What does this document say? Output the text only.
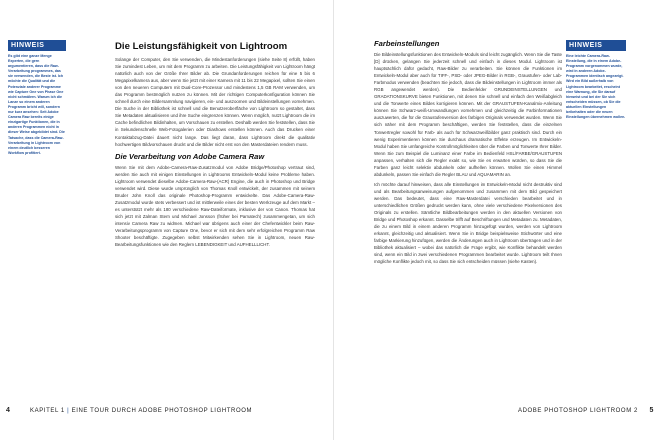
HINWEIS
Es gibt eine ganze Menge Experten, die gern argumentieren, dass die Raw-Verarbeitung programmes, das sie verwenden, die Beste ist. Ich möchte die Qualität und die Potenziale anderer Programme wie Capture One von Phase One nicht schmälern. Warum ich die Lanze so einem anderen Programm bricht will, sondern nur kurz ansehen: Seit Adobe Camera Raw bereits einige einzigartige Funktionen, die in anderen Programmen nicht in dieser Weise abgebildet sind. Die Tatsache, dass die Camera-Raw-Verarbeitung in Lightroom von einem deutlich besseren Workflow profitiert.
Die Leistungsfähigkeit von Lightroom

Solange der Computer, den Sie verwenden, die Mindestanforderungen (siehe Seite 8) erfüllt, haben Sie zumindest Leben, um mit dem Programm zu arbeiten. Die Leistungsfähigkeit von Lightroom hängt natürlich auch von der Größe Ihrer Bilder ab. Die Grundanforderungen reichen für eine 5 bis 6 Megapixelkamera aus, aber wenn Sie jetzt mit einer Kamera mit 11 bis 22 Megapixel, sollten Sie einen von den neueren Computern mit Dual-Core-Prozessor und mindestens 1,5 GB RAM verwenden, um das Programm bestmöglich nutzen zu können. Mit der richtigen Computerkonfiguration können Sie schnell durch eine Bildersammlung navigieren, ein- und auszoomen und Bildeinstellungen vornehmen. Die Suche in der Bibliothek ist schnell und die Benutzeroberfläche von Lightroom so gestaltet, dass Sie Metadaten aktualisieren und ihre Suche eingrenzen können. Wenn möglich, nutzt Lightroom die im Cache befindlichen Bildinhalten, um Vorschauen zu erstellen. Deshalb werden Sie feststellen, dass Sie in Sekundenschnelle Web-Fotogalerien oder Diashows erstellen können. Auch das Drucken einer Kontaktabzug-Datei dauert nicht lange. Das liegt daran, dass Lightroom direkt die qualitativ hochwertigen Bildvorschauen druckt und die Bilder nicht erst von den Masterdateien rendern muss.

Die Verarbeitung von Adobe Camera Raw

Wenn Sie mit dem Adobe-Camera-Raw-Zusatzmodul von Adobe Bridge/Photoshop vertraut sind, werden Sie auch mit einigen Einstellungen in Lightrooms Entwickeln-Modul keine Probleme haben. Lightroom verwendet dieselbe Adobe-Camera-Raw-(ACR) Engine, die auch in Photoshop und Bridge verwendet wird. Diese wurde ursprünglich von Thomas Knoll entwickelt, der zusammen mit seinem Bruder John Knoll das originale Photoshop-Programm entwickelte. Das Adobe-Camera-Raw-Zusatzmodul wurde stets verbessert und ist mittlerweile eines der besten Werkzeuge auf dem Markt – es unterstützt mehr als 180 verschiedene Raw-Dateiformate, inklusive der von Canon. Thomas hat sich jetzt mit Zalman Stern und Michael Jonsson (früher bei Parnatech) zusammengetan, um sich intensiv Camera Raw zu widmen. Michael war übrigens auch einer der Chefentwickler beim Raw-Verarbeitungsprogramm von Capture One, bevor er sich mit dem sehr erfolgreichen Programm Raw Shooter beschäftigte. Zugegeben selbst Mitwirkenden sehen Sie in Lightroom, neuen Raw-Bearbeitungsfunktionen wie den Reglern LEBENDIGKEIT und AUFHELLLICHT.

Farbeinstellungen

Die Bildeinstellungsfunktionen des Entwickeln-Moduls sind leicht zugänglich. Wenn Sie die Taste [D] drücken, gelangen Sie jederzeit schnell und einfach in dieses Modul. Lightroom ist hauptsächlich dafür gedacht, Raw-Bilder zu verarbeiten. Sie können die Funktionen im Entwickeln-Modul aber auch für TIFF-, PSD- oder JPEG-Bilder in RGB-, Graustufen- oder Lab-Farbmodus verwenden (beachten Sie jedoch, dass die Bildeinstellungen in Lightroom immer als RGB angewendet werden). Die Bedienfelder GRUNDEINSTELLUNGEN und GRADATIONSKURVE bieten Funktionen, mit denen Sie schnell und einfach den Weißabgleich und die Tonwerte eines Bildes korrigieren können. Mit der GRAUSTUFEN-Kanalmix-Anleitung können Sie Schwarz-weiß-Umwandlungen vornehmen und gleichzeitig die Farbinformationen auszuwerten, die für die Graustufenversion des farbigen Originals verwendet wurden. Wenn Sie sich näher mit dem Programm beschäftigen, werden Sie feststellen, dass die einzelnen Tonwertregler sowohl für Farb- als auch für Schwarzweißbilder ganz praktisch sind. Durch ein wenig Experimentieren können Sie durchaus dramatische Effekte erzeugen. Im Entwickeln-Modul haben Sie umfangreiche Kontrollmöglichkeiten über die Farben und Tonwerte Ihrer Bilder. Wenn Sie zum Beispiel die Luminanz einer Farbe im Bedienfeld HSL/FARBE/GRAUSTUFEN anpassen, verhalten sich die Regler exakt so, wie Sie es erwarten würden, so dass Sie die Farben ganz leicht selektiv abdunkeln oder aufhellen können. Wollen Sie einen Himmel abdunkeln, passen Sie einfach die Regler BLAU und AQUAMARIN an.

Ich möchte darauf hinweisen, dass alle Einstellungen im Entwickeln-Modul nicht destruktiv sind und als Bearbeitungsanweisungen aufgenommen und zusammen mit dem Bild gespeichert werden. Das bedeutet, dass eine Raw-Masterdatei verschieden bearbeitet und in unterschiedlichen Größen gedruckt werden kann, ohne viele verschiedene Pixelversionen des Originals zu erstellen. Sämtliche Bildbearbeitungen werden in den aktuellen Versionen von Bridge und Photoshop erkannt. Dasselbe trifft auf Beschriftungen und Metadaten zu. Metadaten, die zu einem Bild in einem anderen Programm hinzugefügt wurden, werden von Lightroom erkannt, gleichzeitig und aktualisiert. Wenn Sie in Bridge beispielsweise Stichwörter und eine farbige Markierung hinzufügen, werden die Änderungen auch in Lightroom übertragen und in der Bibliothek aktualisiert – wobei das natürlich die Frage ergibt, wie Konflikte behandelt werden sind, wenn ein Bild in zwei verschiedenen Programmen bearbeitet wurde. Lightroom teilt Ihnen mögliche Konflikte jedoch mit, so dass Sie sich entscheiden müssen (siehe Kasten).

HINWEIS
Eine leichte Camera-Raw-Einstellung, die in einem Adobe-Programm vorgenommen wurde, wird in anderen Adobe-Programmen identisch angezeigt. Wird ein Bild außerhalb von Lightroom bearbeitet, erscheint eine Warnung, die Sie darauf hinweist und bei der Sie sich entscheiden müssen, ob Sie die aktuellen Einstellungen beibehalten oder die neuen Einstellungen übernehmen wollen.
4	KAPITEL 1 | EINE TOUR DURCH ADOBE PHOTOSHOP LIGHTROOM	ADOBE PHOTOSHOP LIGHTROOM 2 5
